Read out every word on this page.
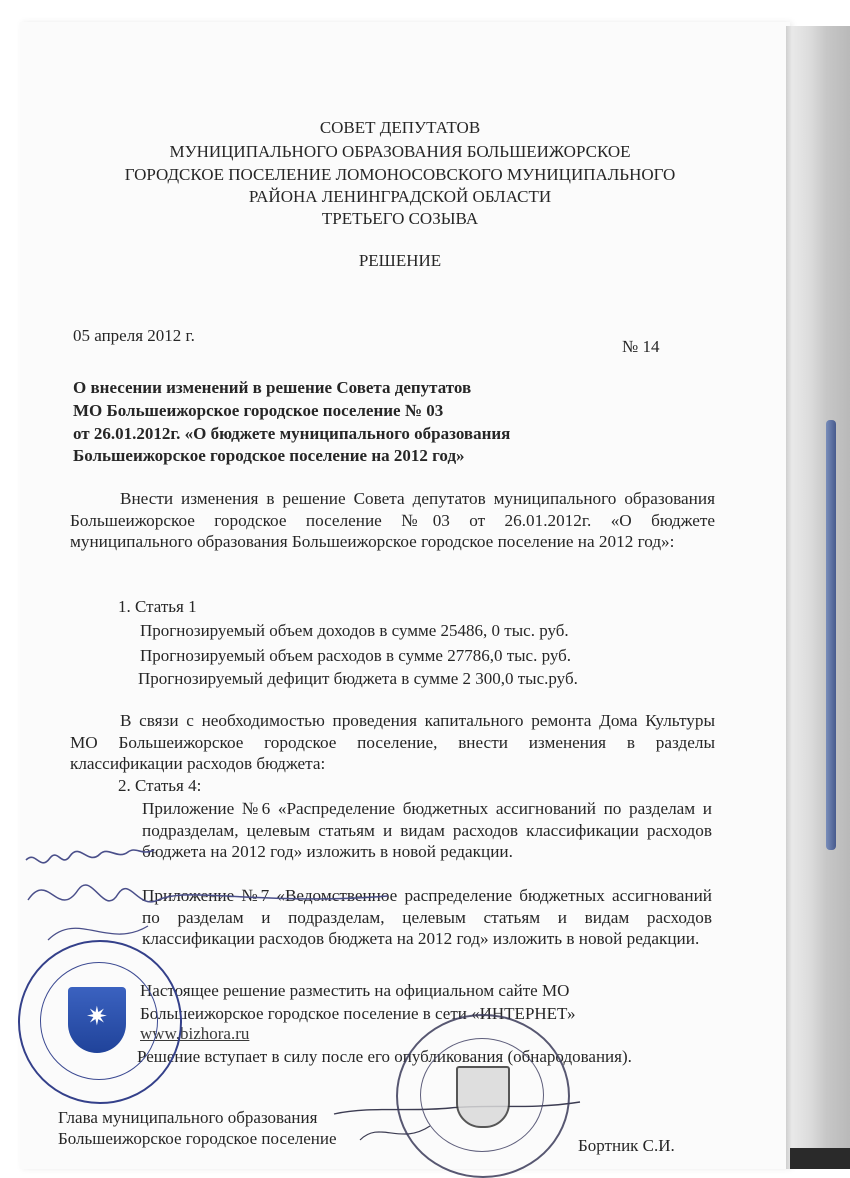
СОВЕТ ДЕПУТАТОВ
МУНИЦИПАЛЬНОГО ОБРАЗОВАНИЯ БОЛЬШЕИЖОРСКОЕ
ГОРОДСКОЕ ПОСЕЛЕНИЕ ЛОМОНОСОВСКОГО МУНИЦИПАЛЬНОГО
РАЙОНА ЛЕНИНГРАДСКОЙ ОБЛАСТИ
ТРЕТЬЕГО СОЗЫВА
РЕШЕНИЕ
05 апреля 2012 г.
№ 14
О внесении изменений в решение Совета депутатов
МО Большеижорское городское поселение № 03
от 26.01.2012г. «О бюджете муниципального образования
Большеижорское городское поселение на 2012 год»
Внести изменения в решение Совета депутатов муниципального образования Большеижорское городское поселение №03 от 26.01.2012г. «О бюджете муниципального образования Большеижорское городское поселение на 2012 год»:
1. Статья 1
Прогнозируемый объем доходов в сумме 25486, 0 тыс. руб.
Прогнозируемый объем расходов в сумме 27786,0 тыс. руб.
Прогнозируемый дефицит бюджета в сумме 2 300,0 тыс.руб.
В связи с необходимостью проведения капитального ремонта Дома Культуры МО Большеижорское городское поселение, внести изменения в разделы классификации расходов бюджета:
2. Статья 4:
Приложение №6 «Распределение бюджетных ассигнований по разделам и подразделам, целевым статьям и видам расходов классификации расходов бюджета на 2012 год» изложить в новой редакции.
Приложение №7 «Ведомственное распределение бюджетных ассигнований по разделам и подразделам, целевым статьям и видам расходов классификации расходов бюджета на 2012 год» изложить в новой редакции.
Настоящее решение разместить на официальном сайте МО
Большеижорское городское поселение в сети «ИНТЕРНЕТ»
www.bizhora.ru
Решение вступает в силу после его опубликования (обнародования).
Глава муниципального образования
Большеижорское городское поселение	Бортник С.И.
✷
